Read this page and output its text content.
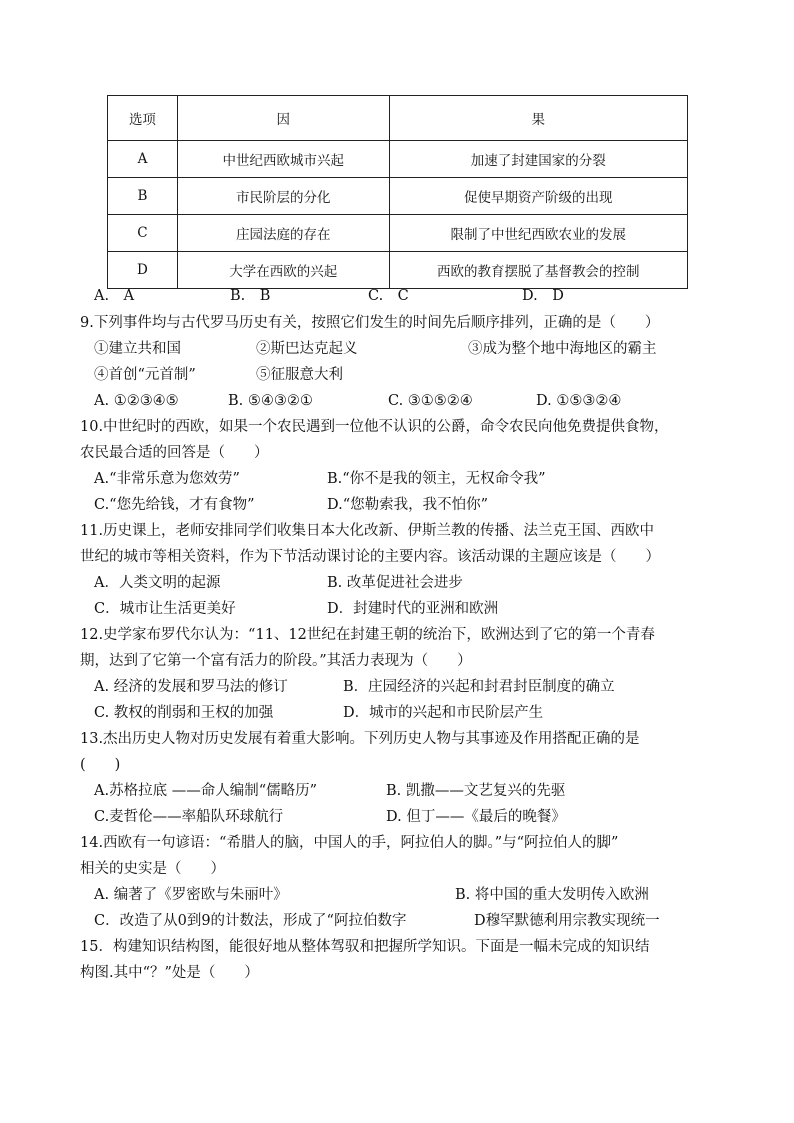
选项	因	果
A	中世纪西欧城市兴起	加速了封建国家的分裂
B	市民阶层的分化	促使早期资产阶级的出现
C	庄园法庭的存在	限制了中世纪西欧农业的发展
D	大学在西欧的兴起	西欧的教育摆脱了基督教会的控制
A.　A	B.　B	C.　C	D.　D
9.下列事件均与古代罗马历史有关，按照它们发生的时间先后顺序排列，正确的是（　　）
①建立共和国	②斯巴达克起义	③成为整个地中海地区的霸主
④首创“元首制”	⑤征服意大利
A. ①②③④⑤	B. ⑤④③②①	C. ③①⑤②④	D. ①⑤③②④
10.中世纪时的西欧，如果一个农民遇到一位他不认识的公爵，命令农民向他免费提供食物，
农民最合适的回答是（　　）
A.“非常乐意为您效劳”	B.“你不是我的领主，无权命令我”
C.“您先给钱，才有食物”	D.“您勒索我，我不怕你”
11.历史课上，老师安排同学们收集日本大化改新、伊斯兰教的传播、法兰克王国、西欧中
世纪的城市等相关资料，作为下节活动课讨论的主要内容。该活动课的主题应该是（　　）
A．人类文明的起源	B. 改革促进社会进步
C．城市让生活更美好	D．封建时代的亚洲和欧洲
12.史学家布罗代尔认为：“11、12世纪在封建王朝的统治下，欧洲达到了它的第一个青春
期，达到了它第一个富有活力的阶段。”其活力表现为（　　）
A. 经济的发展和罗马法的修订	B．庄园经济的兴起和封君封臣制度的确立
C. 教权的削弱和王权的加强	D．城市的兴起和市民阶层产生
13.杰出历史人物对历史发展有着重大影响。下列历史人物与其事迹及作用搭配正确的是
(　　)
A.苏格拉底 ——命人编制“儒略历”	B. 凯撒——文艺复兴的先驱
C.麦哲伦——率船队环球航行	D. 但丁——《最后的晚餐》
14.西欧有一句谚语：“希腊人的脑，中国人的手，阿拉伯人的脚。”与“阿拉伯人的脚”
相关的史实是（　　）
A. 编著了《罗密欧与朱丽叶》	B. 将中国的重大发明传入欧洲
C．改造了从0到9的计数法，形成了“阿拉伯数字	D穆罕默德利用宗教实现统一
15．构建知识结构图，能很好地从整体驾驭和把握所学知识。下面是一幅未完成的知识结
构图.其中“？”处是（　　）
